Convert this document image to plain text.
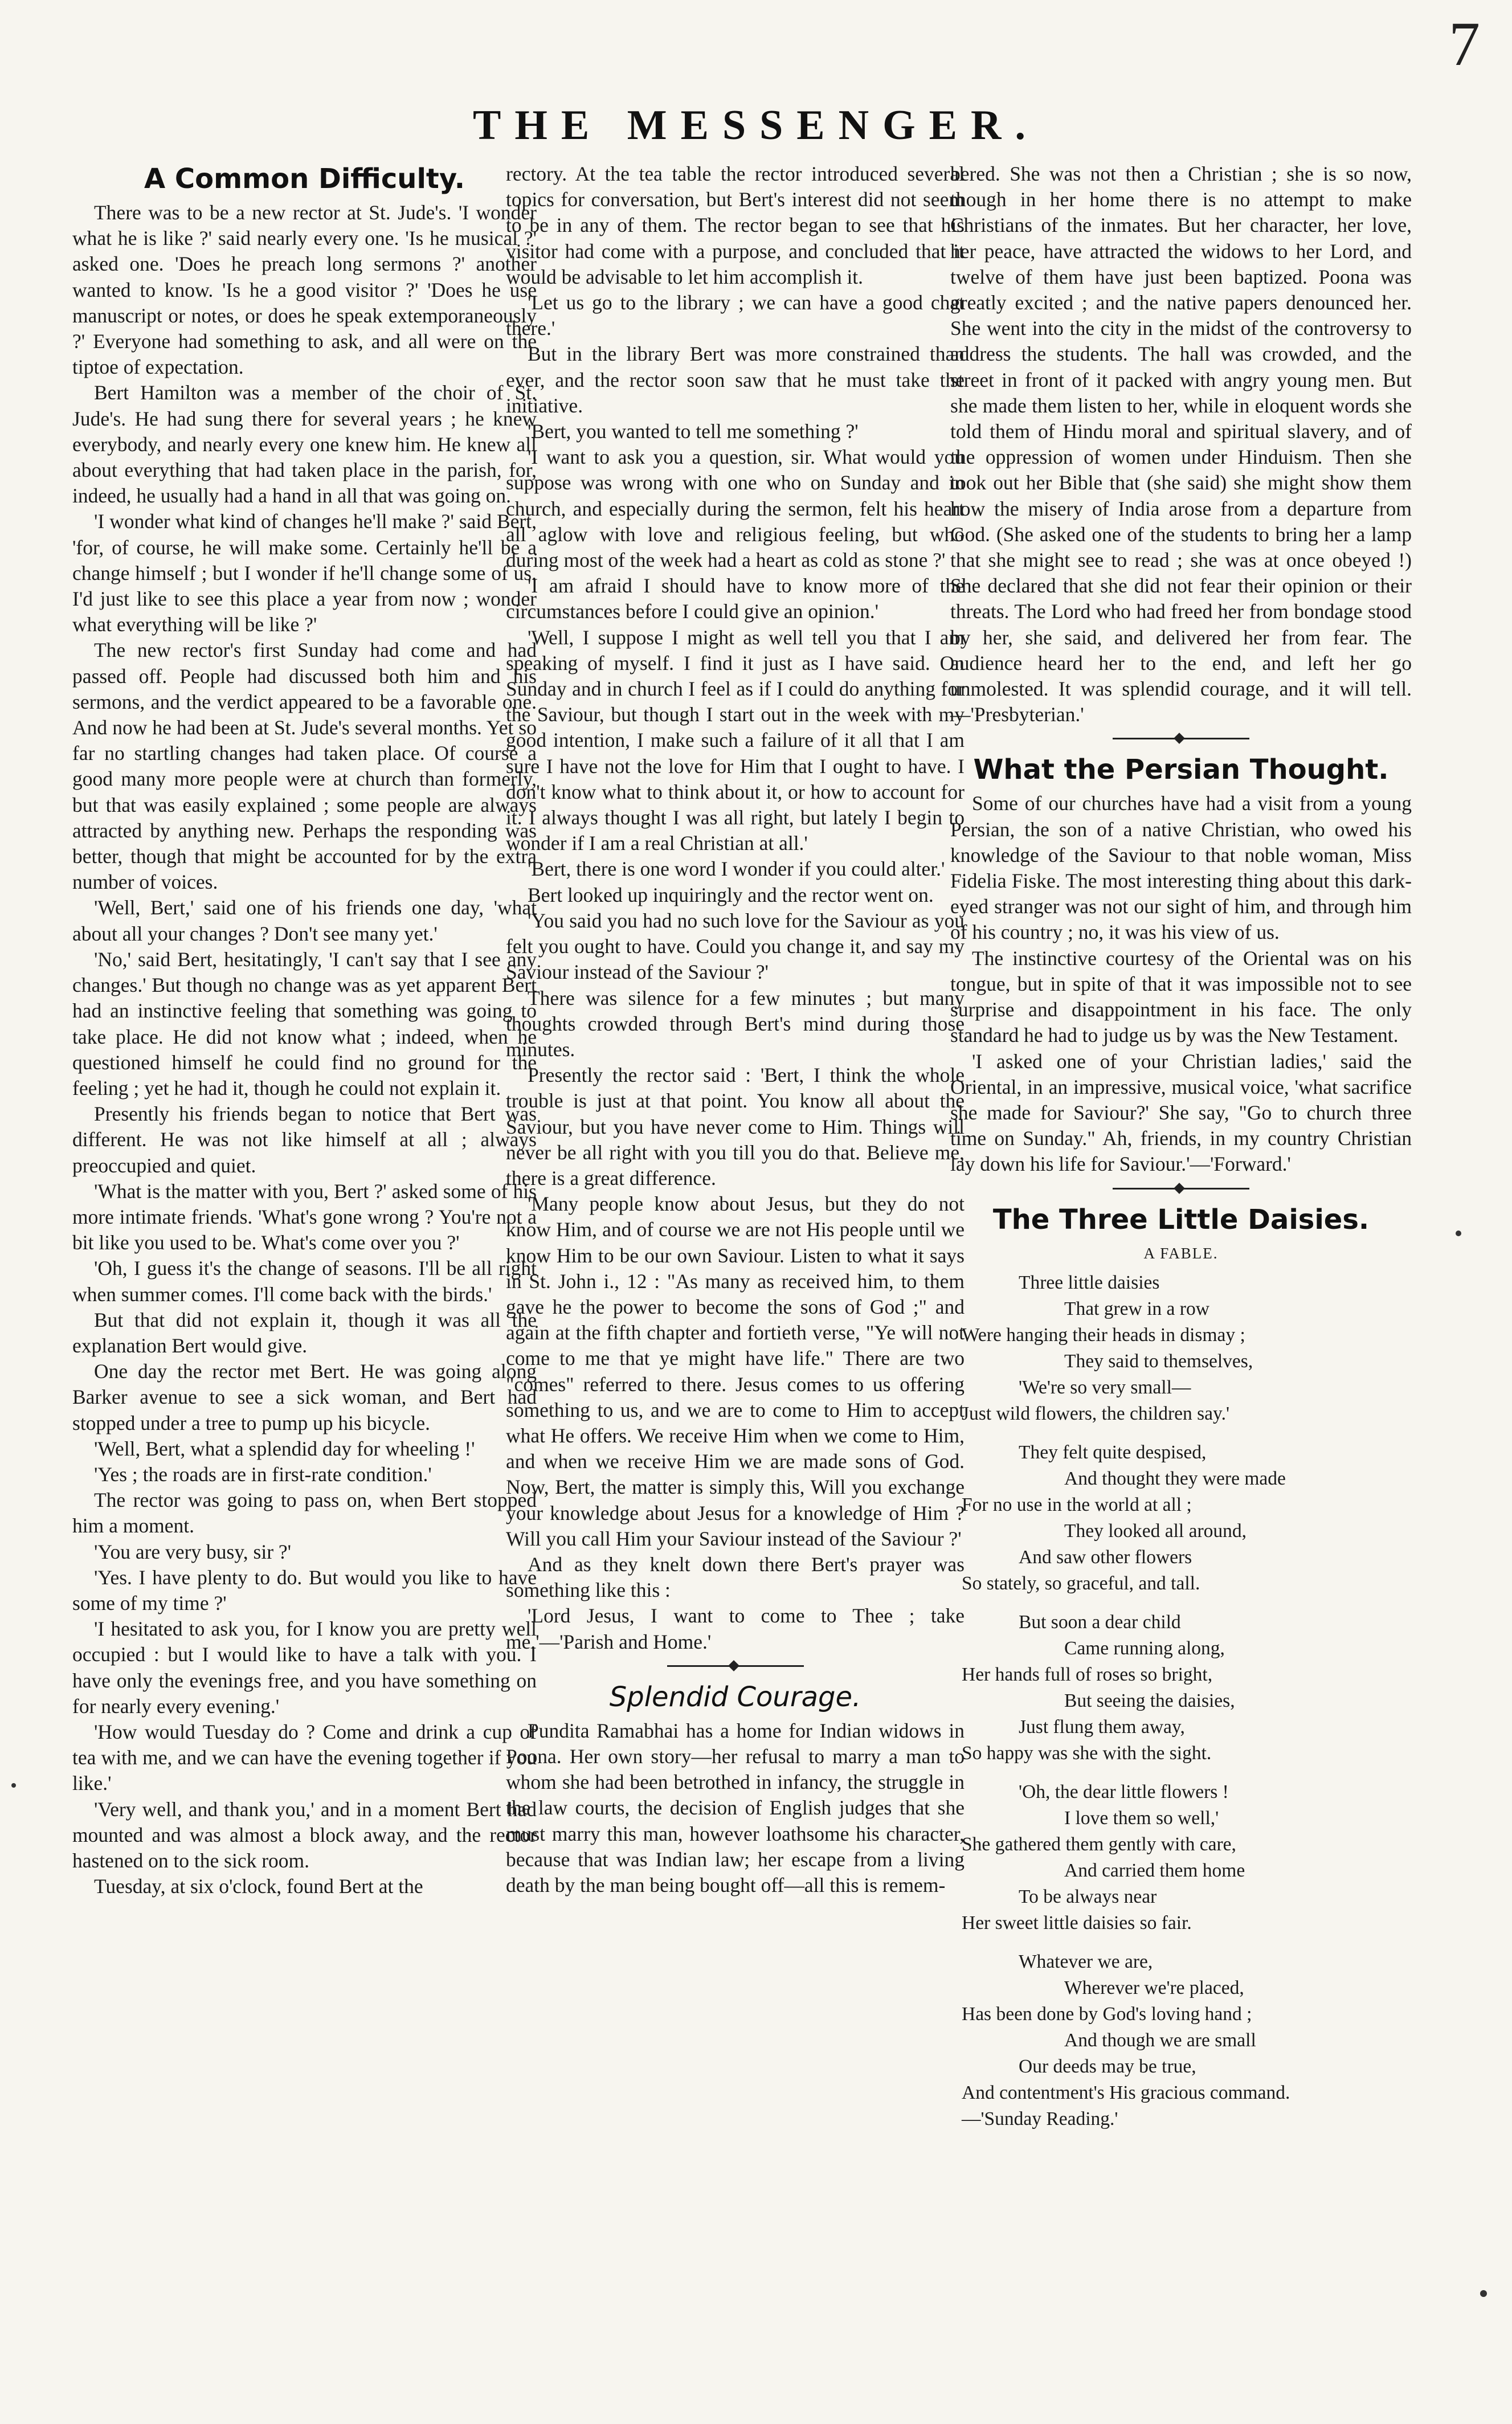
7
THE MESSENGER.
A Common Difficulty.

There was to be a new rector at St. Jude's. 'I wonder what he is like ?' said nearly every one. 'Is he musical ?' asked one. 'Does he preach long sermons ?' another wanted to know. 'Is he a good visitor ?' 'Does he use manuscript or notes, or does he speak extemporaneously ?' Everyone had something to ask, and all were on the tiptoe of expectation.

Bert Hamilton was a member of the choir of St. Jude's. He had sung there for several years ; he knew everybody, and nearly every one knew him. He knew all about everything that had taken place in the parish, for, indeed, he usually had a hand in all that was going on.

'I wonder what kind of changes he'll make ?' said Bert, 'for, of course, he will make some. Certainly he'll be a change himself ; but I wonder if he'll change some of us. I'd just like to see this place a year from now ; wonder what everything will be like ?'

The new rector's first Sunday had come and had passed off. People had discussed both him and his sermons, and the verdict appeared to be a favorable one. And now he had been at St. Jude's several months. Yet so far no startling changes had taken place. Of course a good many more people were at church than formerly, but that was easily explained ; some people are always attracted by anything new. Perhaps the responding was better, though that might be accounted for by the extra number of voices.

'Well, Bert,' said one of his friends one day, 'what about all your changes ? Don't see many yet.'

'No,' said Bert, hesitatingly, 'I can't say that I see any changes.' But though no change was as yet apparent Bert had an instinctive feeling that something was going to take place. He did not know what ; indeed, when he questioned himself he could find no ground for the feeling ; yet he had it, though he could not explain it.

Presently his friends began to notice that Bert was different. He was not like himself at all ; always preoccupied and quiet.

'What is the matter with you, Bert ?' asked some of his more intimate friends. 'What's gone wrong ? You're not a bit like you used to be. What's come over you ?'

'Oh, I guess it's the change of seasons. I'll be all right when summer comes. I'll come back with the birds.'

But that did not explain it, though it was all the explanation Bert would give.

One day the rector met Bert. He was going along Barker avenue to see a sick woman, and Bert had stopped under a tree to pump up his bicycle.

'Well, Bert, what a splendid day for wheeling !'

'Yes ; the roads are in first-rate condition.'

The rector was going to pass on, when Bert stopped him a moment.

'You are very busy, sir ?'

'Yes. I have plenty to do. But would you like to have some of my time ?'

'I hesitated to ask you, for I know you are pretty well occupied : but I would like to have a talk with you. I have only the evenings free, and you have something on for nearly every evening.'

'How would Tuesday do ? Come and drink a cup of tea with me, and we can have the evening together if you like.'

'Very well, and thank you,' and in a moment Bert had mounted and was almost a block away, and the rector hastened on to the sick room.

Tuesday, at six o'clock, found Bert at the

rectory. At the tea table the rector introduced several topics for conversation, but Bert's interest did not seem to be in any of them. The rector began to see that his visitor had come with a purpose, and concluded that it would be advisable to let him accomplish it.

'Let us go to the library ; we can have a good chat there.'

But in the library Bert was more constrained than ever, and the rector soon saw that he must take the initiative.

'Bert, you wanted to tell me something ?'

'I want to ask you a question, sir. What would you suppose was wrong with one who on Sunday and in church, and especially during the sermon, felt his heart all aglow with love and religious feeling, but who during most of the week had a heart as cold as stone ?'

'I am afraid I should have to know more of the circumstances before I could give an opinion.'

'Well, I suppose I might as well tell you that I am speaking of myself. I find it just as I have said. On Sunday and in church I feel as if I could do anything for the Saviour, but though I start out in the week with my good intention, I make such a failure of it all that I am sure I have not the love for Him that I ought to have. I don't know what to think about it, or how to account for it. I always thought I was all right, but lately I begin to wonder if I am a real Christian at all.'

'Bert, there is one word I wonder if you could alter.'

Bert looked up inquiringly and the rector went on.

'You said you had no such love for the Saviour as you felt you ought to have. Could you change it, and say my Saviour instead of the Saviour ?'

There was silence for a few minutes ; but many thoughts crowded through Bert's mind during those minutes.

Presently the rector said : 'Bert, I think the whole trouble is just at that point. You know all about the Saviour, but you have never come to Him. Things will never be all right with you till you do that. Believe me, there is a great difference.

'Many people know about Jesus, but they do not know Him, and of course we are not His people until we know Him to be our own Saviour. Listen to what it says in St. John i., 12 : "As many as received him, to them gave he the power to become the sons of God ;" and again at the fifth chapter and fortieth verse, "Ye will not come to me that ye might have life." There are two "comes" referred to there. Jesus comes to us offering something to us, and we are to come to Him to accept what He offers. We receive Him when we come to Him, and when we receive Him we are made sons of God. Now, Bert, the matter is simply this, Will you exchange your knowledge about Jesus for a knowledge of Him ? Will you call Him your Saviour instead of the Saviour ?'

And as they knelt down there Bert's prayer was something like this :

'Lord Jesus, I want to come to Thee ; take me.'—'Parish and Home.'

Splendid Courage.

Pundita Ramabhai has a home for Indian widows in Poona. Her own story—her refusal to marry a man to whom she had been betrothed in infancy, the struggle in the law courts, the decision of English judges that she must marry this man, however loathsome his character, because that was Indian law; her escape from a living death by the man being bought off—all this is remem-

bered. She was not then a Christian ; she is so now, though in her home there is no attempt to make Christians of the inmates. But her character, her love, her peace, have attracted the widows to her Lord, and twelve of them have just been baptized. Poona was greatly excited ; and the native papers denounced her. She went into the city in the midst of the controversy to address the students. The hall was crowded, and the street in front of it packed with angry young men. But she made them listen to her, while in eloquent words she told them of Hindu moral and spiritual slavery, and of the oppression of women under Hinduism. Then she took out her Bible that (she said) she might show them how the misery of India arose from a departure from God. (She asked one of the students to bring her a lamp that she might see to read ; she was at once obeyed !) She declared that she did not fear their opinion or their threats. The Lord who had freed her from bondage stood by her, she said, and delivered her from fear. The audience heard her to the end, and left her go unmolested. It was splendid courage, and it will tell.—'Presbyterian.'

What the Persian Thought.

Some of our churches have had a visit from a young Persian, the son of a native Christian, who owed his knowledge of the Saviour to that noble woman, Miss Fidelia Fiske. The most interesting thing about this dark-eyed stranger was not our sight of him, and through him of his country ; no, it was his view of us.

The instinctive courtesy of the Oriental was on his tongue, but in spite of that it was impossible not to see surprise and disappointment in his face. The only standard he had to judge us by was the New Testament.

'I asked one of your Christian ladies,' said the Oriental, in an impressive, musical voice, 'what sacrifice she made for Saviour?' She say, "Go to church three time on Sunday." Ah, friends, in my country Christian lay down his life for Saviour.'—'Forward.'

The Three Little Daisies.
A FABLE.
Three little daisies
That grew in a row
Were hanging their heads in dismay ;
They said to themselves,
'We're so very small—
Just wild flowers, the children say.'
They felt quite despised,
And thought they were made
For no use in the world at all ;
They looked all around,
And saw other flowers
So stately, so graceful, and tall.
But soon a dear child
Came running along,
Her hands full of roses so bright,
But seeing the daisies,
Just flung them away,
So happy was she with the sight.
'Oh, the dear little flowers !
I love them so well,'
She gathered them gently with care,
And carried them home
To be always near
Her sweet little daisies so fair.
Whatever we are,
Wherever we're placed,
Has been done by God's loving hand ;
And though we are small
Our deeds may be true,
And contentment's His gracious command.
—'Sunday Reading.'
